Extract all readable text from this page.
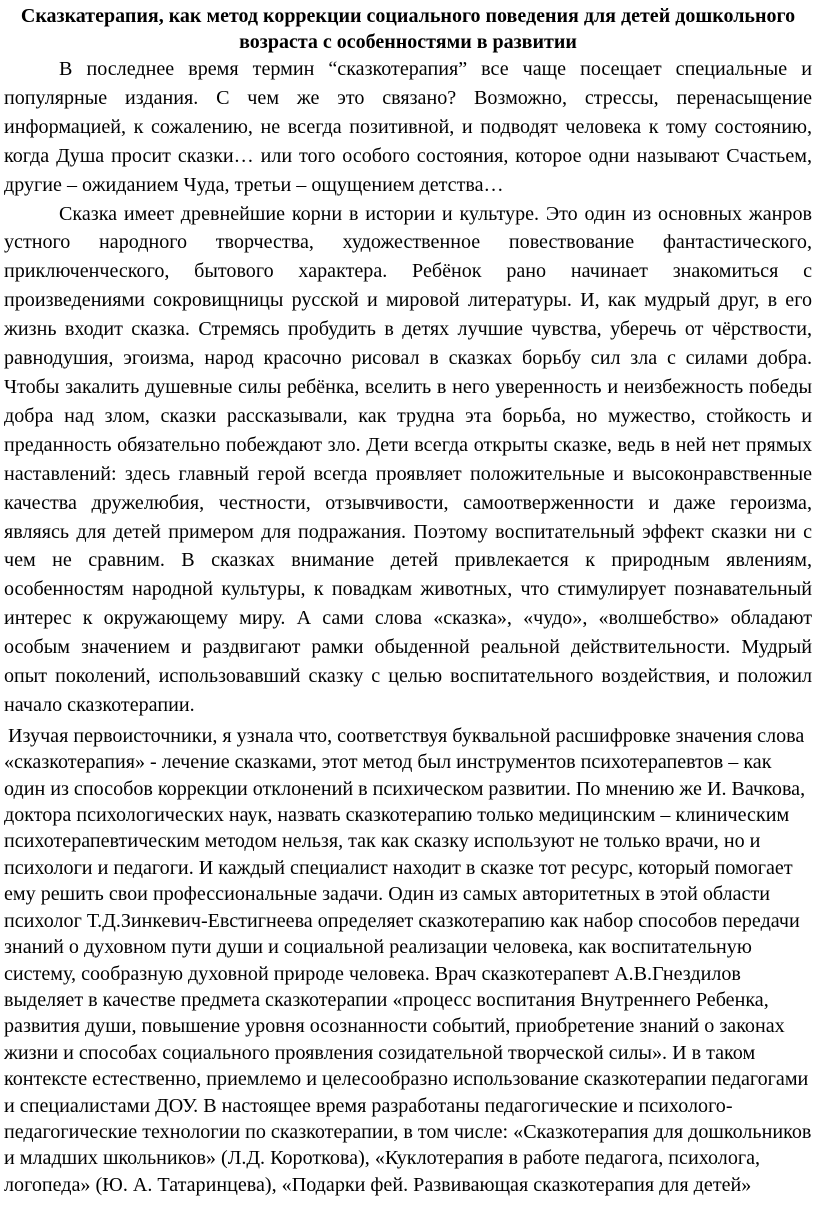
Сказкатерапия, как метод коррекции социального поведения для детей дошкольного
возраста с особенностями в развитии

В последнее время термин “сказкотерапия” все чаще посещает специальные и популярные издания. С чем же это связано? Возможно, стрессы, перенасыщение информацией, к сожалению, не всегда позитивной, и подводят человека к тому состоянию, когда Душа просит сказки… или того особого состояния, которое одни называют Счастьем, другие – ожиданием Чуда, третьи – ощущением детства…

Сказка имеет древнейшие корни в истории и культуре. Это один из основных жанров устного народного творчества, художественное повествование фантастического, приключенческого, бытового характера. Ребёнок рано начинает знакомиться с произведениями сокровищницы русской и мировой литературы. И, как мудрый друг, в его жизнь входит сказка. Стремясь пробудить в детях лучшие чувства, уберечь от чёрствости, равнодушия, эгоизма, народ красочно рисовал в сказках борьбу сил зла с силами добра. Чтобы закалить душевные силы ребёнка, вселить в него уверенность и неизбежность победы добра над злом, сказки рассказывали, как трудна эта борьба, но мужество, стойкость и преданность обязательно побеждают зло. Дети всегда открыты сказке, ведь в ней нет прямых наставлений: здесь главный герой всегда проявляет положительные и высоконравственные качества дружелюбия, честности, отзывчивости, самоотверженности и даже героизма, являясь для детей примером для подражания. Поэтому воспитательный эффект сказки ни с чем не сравним. В сказках внимание детей привлекается к природным явлениям, особенностям народной культуры, к повадкам животных, что стимулирует познавательный интерес к окружающему миру. А сами слова «сказка», «чудо», «волшебство» обладают особым значением и раздвигают рамки обыденной реальной действительности. Мудрый опыт поколений, использовавший сказку с целью воспитательного воздействия, и положил начало сказкотерапии.

Изучая первоисточники, я узнала что, соответствуя буквальной расшифровке значения слова «сказкотерапия» - лечение сказками, этот метод был инструментов психотерапевтов – как один из способов коррекции отклонений в психическом развитии. По мнению же И. Вачкова, доктора психологических наук, назвать сказкотерапию только медицинским – клиническим психотерапевтическим методом нельзя, так как сказку используют не только врачи, но и психологи и педагоги. И каждый специалист находит в сказке тот ресурс, который помогает ему решить свои профессиональные задачи. Один из самых авторитетных в этой области психолог Т.Д.Зинкевич-Евстигнеева определяет сказкотерапию как набор способов передачи знаний о духовном пути души и социальной реализации человека, как воспитательную систему, сообразную духовной природе человека. Врач сказкотерапевт А.В.Гнездилов выделяет в качестве предмета сказкотерапии «процесс воспитания Внутреннего Ребенка, развития души, повышение уровня осознанности событий, приобретение знаний о законах жизни и способах социального проявления созидательной творческой силы». И в таком контексте естественно, приемлемо и целесообразно использование сказкотерапии педагогами и специалистами ДОУ. В настоящее время разработаны педагогические и психолого-педагогические технологии по сказкотерапии, в том числе: «Сказкотерапия для дошкольников и младших школьников» (Л.Д. Короткова), «Куклотерапия в работе педагога, психолога, логопеда» (Ю. А. Татаринцева), «Подарки фей. Развивающая сказкотерапия для детей»
